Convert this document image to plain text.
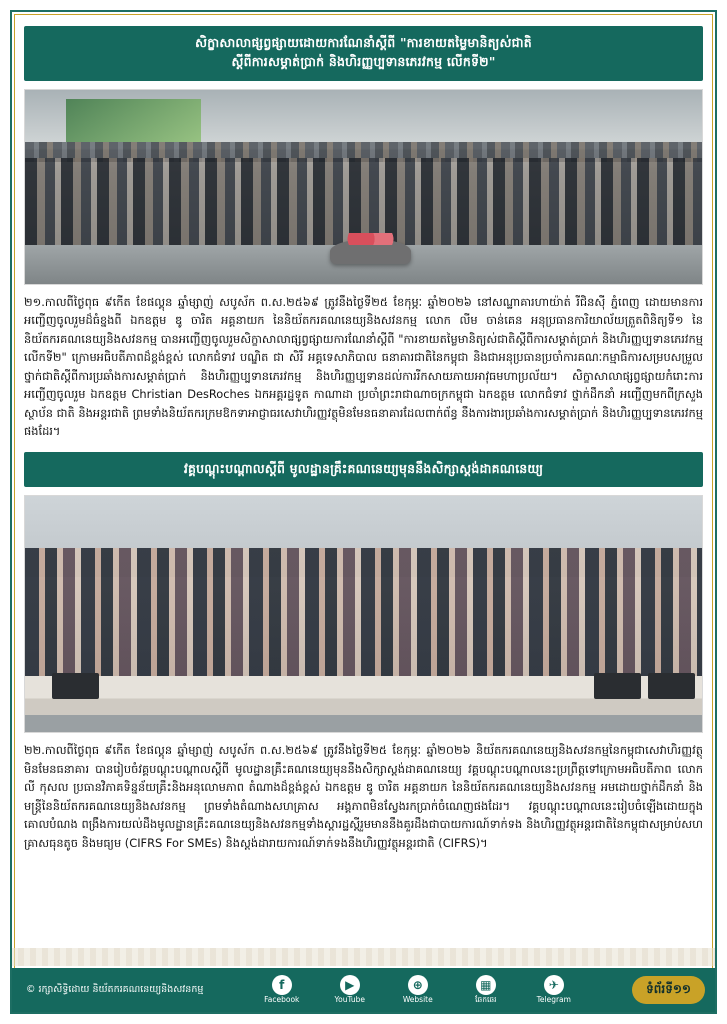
សិក្ខាសាលាផ្សព្វផ្សាយដោយការណែនាំស្ដីពី "ការខាយតម្លៃមានិត្យស់ជាតិ
ស្ដីពីការសម្គាត់ប្រាក់ និងហិរញ្ញប្បទានភេរវកម្ម លើកទី២"

២១.កាលពីថ្ងៃពុធ ៩កើត ខែផល្គុន ឆ្នាំម្សាញ់ សបូស័ក ព.ស.២៥៦៩ ត្រូវនឹងថ្ងៃទី២៥ ខែកុម្ភៈ ឆ្នាំ២០២៦ នៅសណ្ឋាគារហាយ៉ាត់ រីជិនស៊ី ភ្នំពេញ ដោយមានការអញ្ជើញចូលរួមដ៏ធំខ្នងពី ឯកឧត្តម ឌូ ចារិត អគ្គនាយក នៃនិយ័តករគណនេយ្យនិងសវនកម្ម លោក លីម ចាន់គេន អនុប្រធានការិយាល័យត្រួតពិនិត្យទី១ នៃនិយ័តករគណនេយ្យនិងសវនកម្ម បានអញ្ជើញចូលរួមសិក្ខាសាលាផ្សព្វផ្សាយការណែនាំស្ដីពី "ការខាយតម្លៃមានិត្យស់ជាតិស្ដីពីការសម្គាត់ប្រាក់ និងហិរញ្ញប្បទានភេរវកម្ម លើកទី២" ក្រោមអធិបតីភាពដ៏ខ្ពង់ខ្ពស់ លោកជំទាវ បណ្ឌិត ជា សិរី អគ្គទេសាភិបាល ធនាគារជាតិនៃកម្ពុជា និងជាអនុប្រធានប្រចាំការគណៈកម្មាធិការសម្របសម្រួលថ្នាក់ជាតិស្ដីពីការប្រឆាំងការសម្គាត់ប្រាក់ និងហិរញ្ញប្បទានភេរវកម្ម និងហិរញ្ញប្បទានដល់ការរីកសាយភាយអាវុធមហាប្រល័យ។ សិក្ខាសាលាផ្សព្វផ្សាយកំរោះការអញ្ជើញចូលរួម ឯកឧត្តម Christian DesRoches ឯកអគ្គរដ្ឋទូត កាណាដា ប្រចាំព្រះរាជាណាចក្រកម្ពុជា ឯកឧត្តម លោកជំទាវ ថ្នាក់ដឹកនាំ អញ្ជើញមកពីក្រសួង ស្ថាប័ន ជាតិ និងអន្តរជាតិ ព្រមទាំងនិយ័តករក្រមឱកទាអាជ្ញាធរសេវាហិរញ្ញវត្ថុមិនមែនធនាគារដែលពាក់ព័ន្ធ នឹងការងារប្រឆាំងការសម្គាត់ប្រាក់ និងហិរញ្ញប្បទានភេរវកម្មផងដែរ។

វគ្គបណ្ដុះបណ្ដាលស្ដីពី មូលដ្ឋានគ្រឹះគណនេយ្យមុននឹងសិក្សាស្តង់ដាគណនេយ្យ

២២.កាលពីថ្ងៃពុធ ៩កើត ខែផល្គុន ឆ្នាំម្សាញ់ សបូស័ក ព.ស.២៥៦៩ ត្រូវនឹងថ្ងៃទី២៥ ខែកុម្ភៈ ឆ្នាំ២០២៦ និយ័តករគណនេយ្យនិងសវនកម្មនៃកម្ពុជាសេវាហិរញ្ញវត្ថុមិនមែនធនាគារ បានរៀបចំវគ្គបណ្ដុះបណ្ដាលស្ដីពី មូលដ្ឋានគ្រឹះគណនេយ្យមុននឹងសិក្សាស្តង់ដាគណនេយ្យ វគ្គបណ្ដុះបណ្ដាលនេះប្រព្រឹត្តទៅក្រោមអធិបតីភាព លោក លី កុសល ប្រធានវិភាគទិន្នន័យគ្រឹះនិងអនុលោមភាព តំណាងដ៏ខ្ពង់ខ្ពស់ ឯកឧត្តម ឌូ ចារិត អគ្គនាយក នៃនិយ័តករគណនេយ្យនិងសវនកម្ម អមដោយថ្នាក់ដឹកនាំ និងមន្ត្រីនៃនិយ័តករគណនេយ្យនិងសវនកម្ម ព្រមទាំងតំណាងសហគ្រាស អង្គភាពមិនស្វែងរកប្រាក់ចំណេញផងដែរ។ វគ្គបណ្ដុះបណ្ដាលនេះរៀបចំឡើងដោយក្នុងគោលបំណង ពង្រឹងការយល់ដឹងមូលដ្ឋានគ្រឹះគណនេយ្យនិងសវនកម្មទាំងស្ដារដ្ឋស្ដីរួមមាននឹងគួរដឹងជាបាយការណ៍ទាក់ទង និងហិរញ្ញវត្ថុអន្តរជាតិនៃកម្ពុជាសម្រាប់សហគ្រាសធុនតូច និងមធ្យម (CIFRS For SMEs) និងស្តង់ដារាយការណ៍ទាក់ទងនឹងហិរញ្ញវត្ថុអន្តរជាតិ (CIFRS)។

© រក្សាសិទ្ធិដោយ និយ័តករគណនេយ្យនិងសវនកម្ម	f
Facebook
▶
YouTube
⊕
Website
▦
ឆែកឆេរ
✈
Telegram
ទំព័រទី១១
